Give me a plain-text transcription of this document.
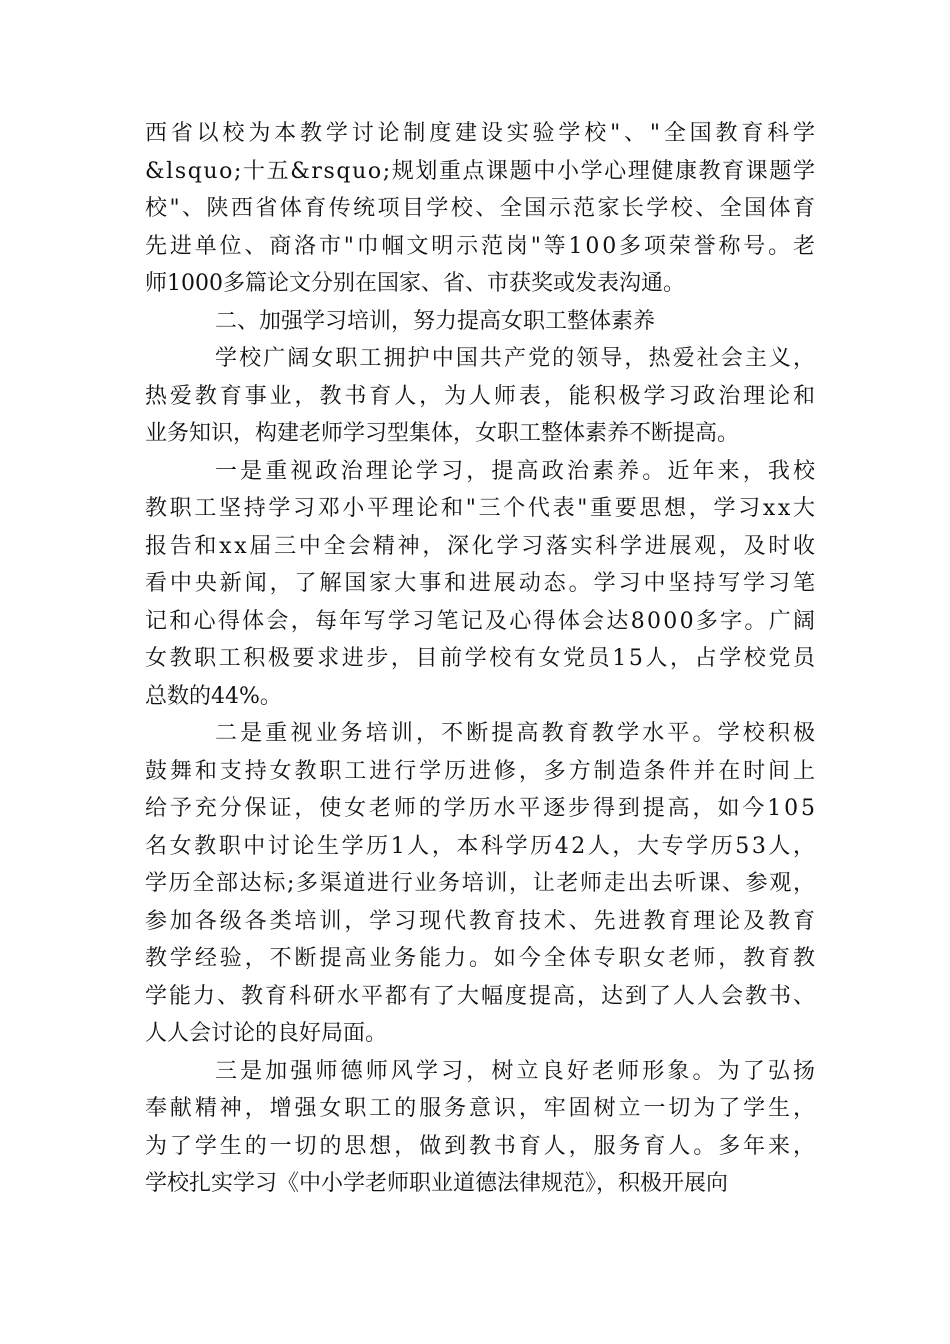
西省以校为本教学讨论制度建设实验学校"、"全国教育科学
&lsquo;十五&rsquo;规划重点课题中小学心理健康教育课题学
校"、陕西省体育传统项目学校、全国示范家长学校、全国体育
先进单位、商洛市"巾帼文明示范岗"等100多项荣誉称号。老
师1000多篇论文分别在国家、省、市获奖或发表沟通。

二、加强学习培训，努力提高女职工整体素养

学校广阔女职工拥护中国共产党的领导，热爱社会主义，
热爱教育事业，教书育人，为人师表，能积极学习政治理论和
业务知识，构建老师学习型集体，女职工整体素养不断提高。

一是重视政治理论学习，提高政治素养。近年来，我校
教职工坚持学习邓小平理论和"三个代表"重要思想，学习xx大
报告和xx届三中全会精神，深化学习落实科学进展观，及时收
看中央新闻，了解国家大事和进展动态。学习中坚持写学习笔
记和心得体会，每年写学习笔记及心得体会达8000多字。广阔
女教职工积极要求进步，目前学校有女党员15人，占学校党员
总数的44%。

二是重视业务培训，不断提高教育教学水平。学校积极
鼓舞和支持女教职工进行学历进修，多方制造条件并在时间上
给予充分保证，使女老师的学历水平逐步得到提高，如今105
名女教职中讨论生学历1人，本科学历42人，大专学历53人，
学历全部达标;多渠道进行业务培训，让老师走出去听课、参观，
参加各级各类培训，学习现代教育技术、先进教育理论及教育
教学经验，不断提高业务能力。如今全体专职女老师，教育教
学能力、教育科研水平都有了大幅度提高，达到了人人会教书、
人人会讨论的良好局面。

三是加强师德师风学习，树立良好老师形象。为了弘扬
奉献精神，增强女职工的服务意识，牢固树立一切为了学生，
为了学生的一切的思想，做到教书育人，服务育人。多年来，
学校扎实学习《中小学老师职业道德法律规范》，积极开展向
